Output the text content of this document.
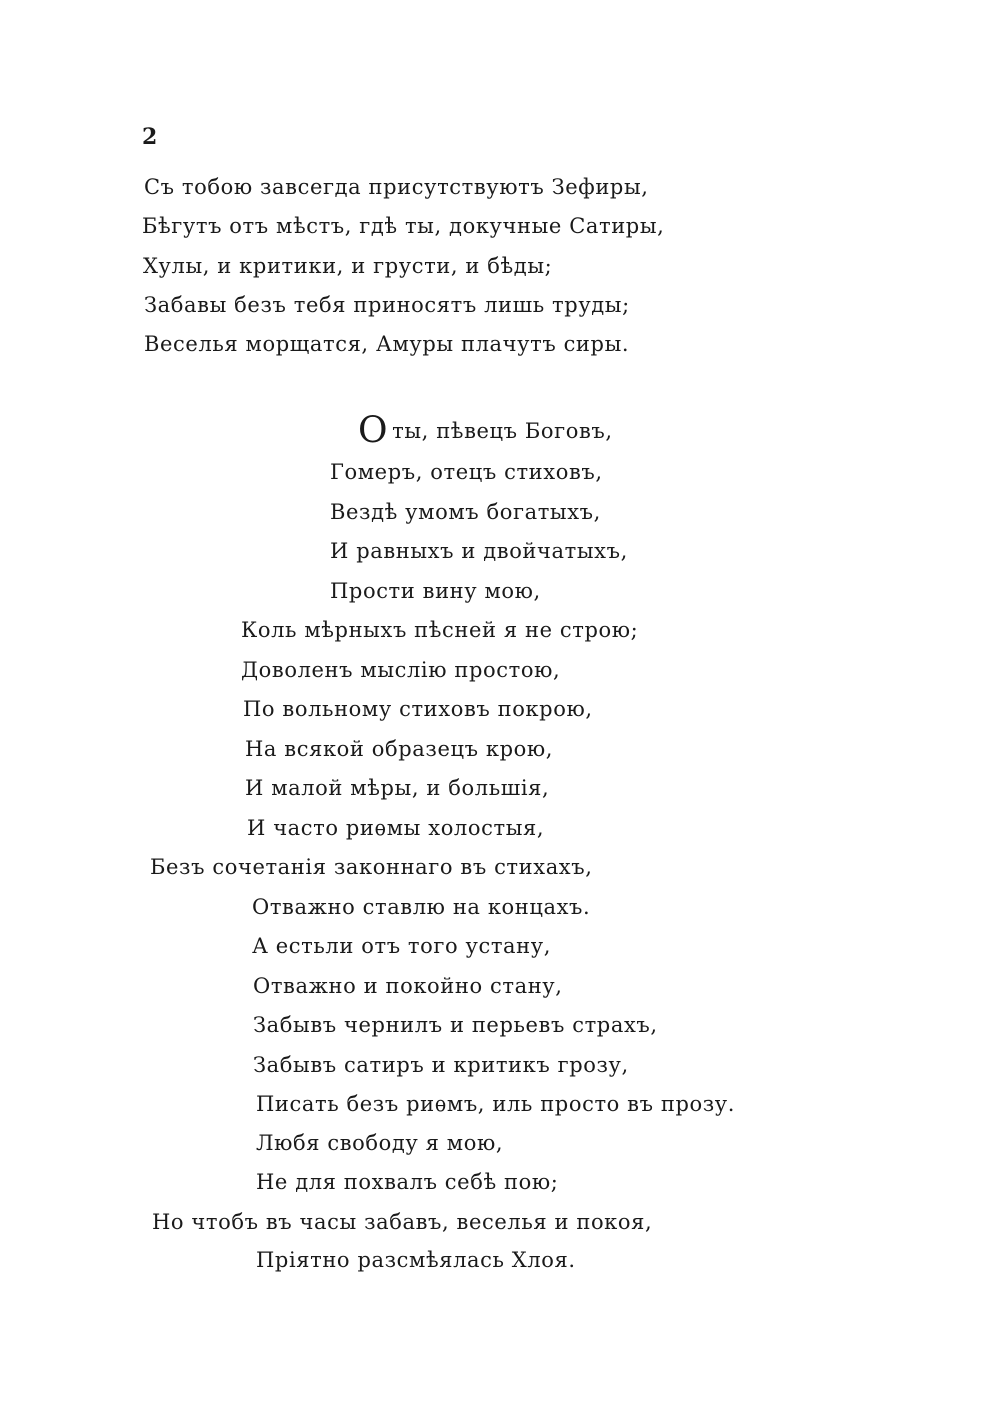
2
Съ тобою завсегда присутствуютъ Зефиры,
Бѣгутъ отъ мѣстъ, гдѣ ты, докучные Сатиры,
Хулы, и критики, и грусти, и бѣды;
Забавы безъ тебя приносятъ лишь труды;
Веселья морщатся, Амуры плачутъ сиры.
Оты, пѣвецъ Боговъ,
Гомеръ, отецъ стиховъ,
Вездѣ умомъ богатыхъ,
И равныхъ и двойчатыхъ,
Прости вину мою,
Коль мѣрныхъ пѣсней я не строю;
Доволенъ мыслію простою,
По вольному стиховъ покрою,
На всякой образецъ крою,
И малой мѣры, и большія,
И часто риѳмы холостыя,
Безъ сочетанія законнаго въ стихахъ,
Отважно ставлю на концахъ.
А естьли отъ того устану,
Отважно и покойно стану,
Забывъ чернилъ и перьевъ страхъ,
Забывъ сатиръ и критикъ грозу,
Писать безъ риѳмъ, иль просто въ прозу.
Любя свободу я мою,
Не для похвалъ себѣ пою;
Но чтобъ въ часы забавъ, веселья и покоя,
Пріятно разсмѣялась Хлоя.
